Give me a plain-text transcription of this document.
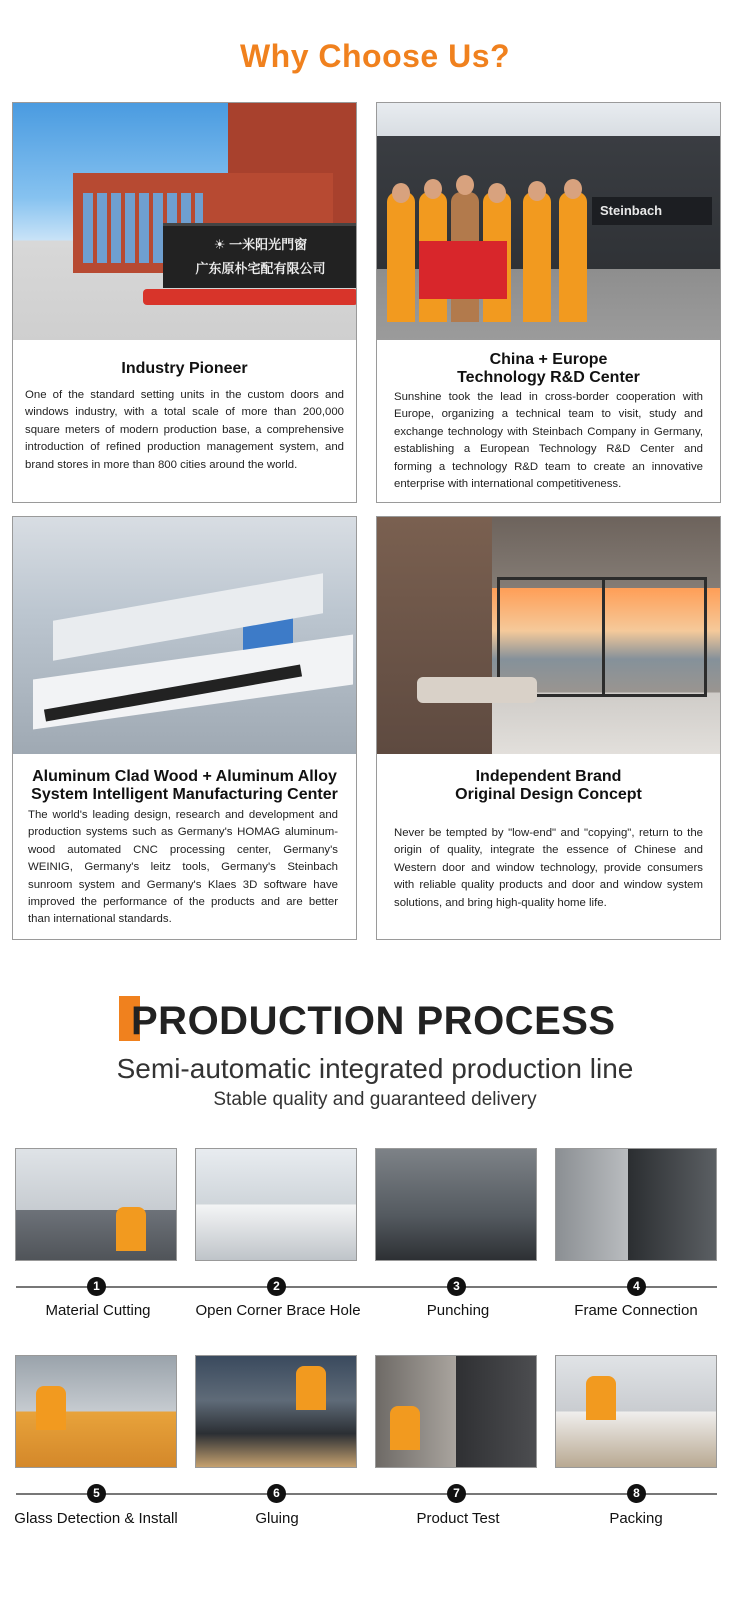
Why Choose Us?
☀ 一米阳光門窗
广东原朴宅配有限公司
Industry Pioneer

One of the standard setting units in the custom doors and windows industry, with a total scale of more than 200,000 square meters of modern production base, a comprehensive introduction of refined production management system, and brand stores in more than 800 cities around the world.

Steinbach
China + Europe
Technology R&D Center

Sunshine took the lead in cross-border cooperation with Europe, organizing a technical team to visit, study and exchange technology with Steinbach Company in Germany, establishing a European Technology R&D Center and forming a technology R&D team to create an innovative enterprise with international competitiveness.

Aluminum Clad Wood + Aluminum Alloy
System Intelligent Manufacturing Center

The world's leading design, research and development and production systems such as Germany's HOMAG aluminum-wood automated CNC processing center, Germany's WEINIG, Germany's leitz tools, Germany's Steinbach sunroom system and Germany's Klaes 3D software have improved the performance of the products and are better than international standards.

Independent Brand
Original Design Concept

Never be tempted by "low-end" and "copying", return to the origin of quality, integrate the essence of Chinese and Western door and window technology, provide consumers with reliable quality products and door and window system solutions, and bring high-quality home life.

PRODUCTION PROCESS
Semi-automatic integrated production line
Stable quality and guaranteed delivery
1	2	3	4
Material Cutting	Open Corner Brace Hole	Punching	Frame Connection
5	6	7	8
Glass Detection & Install	Gluing	Product Test	Packing
